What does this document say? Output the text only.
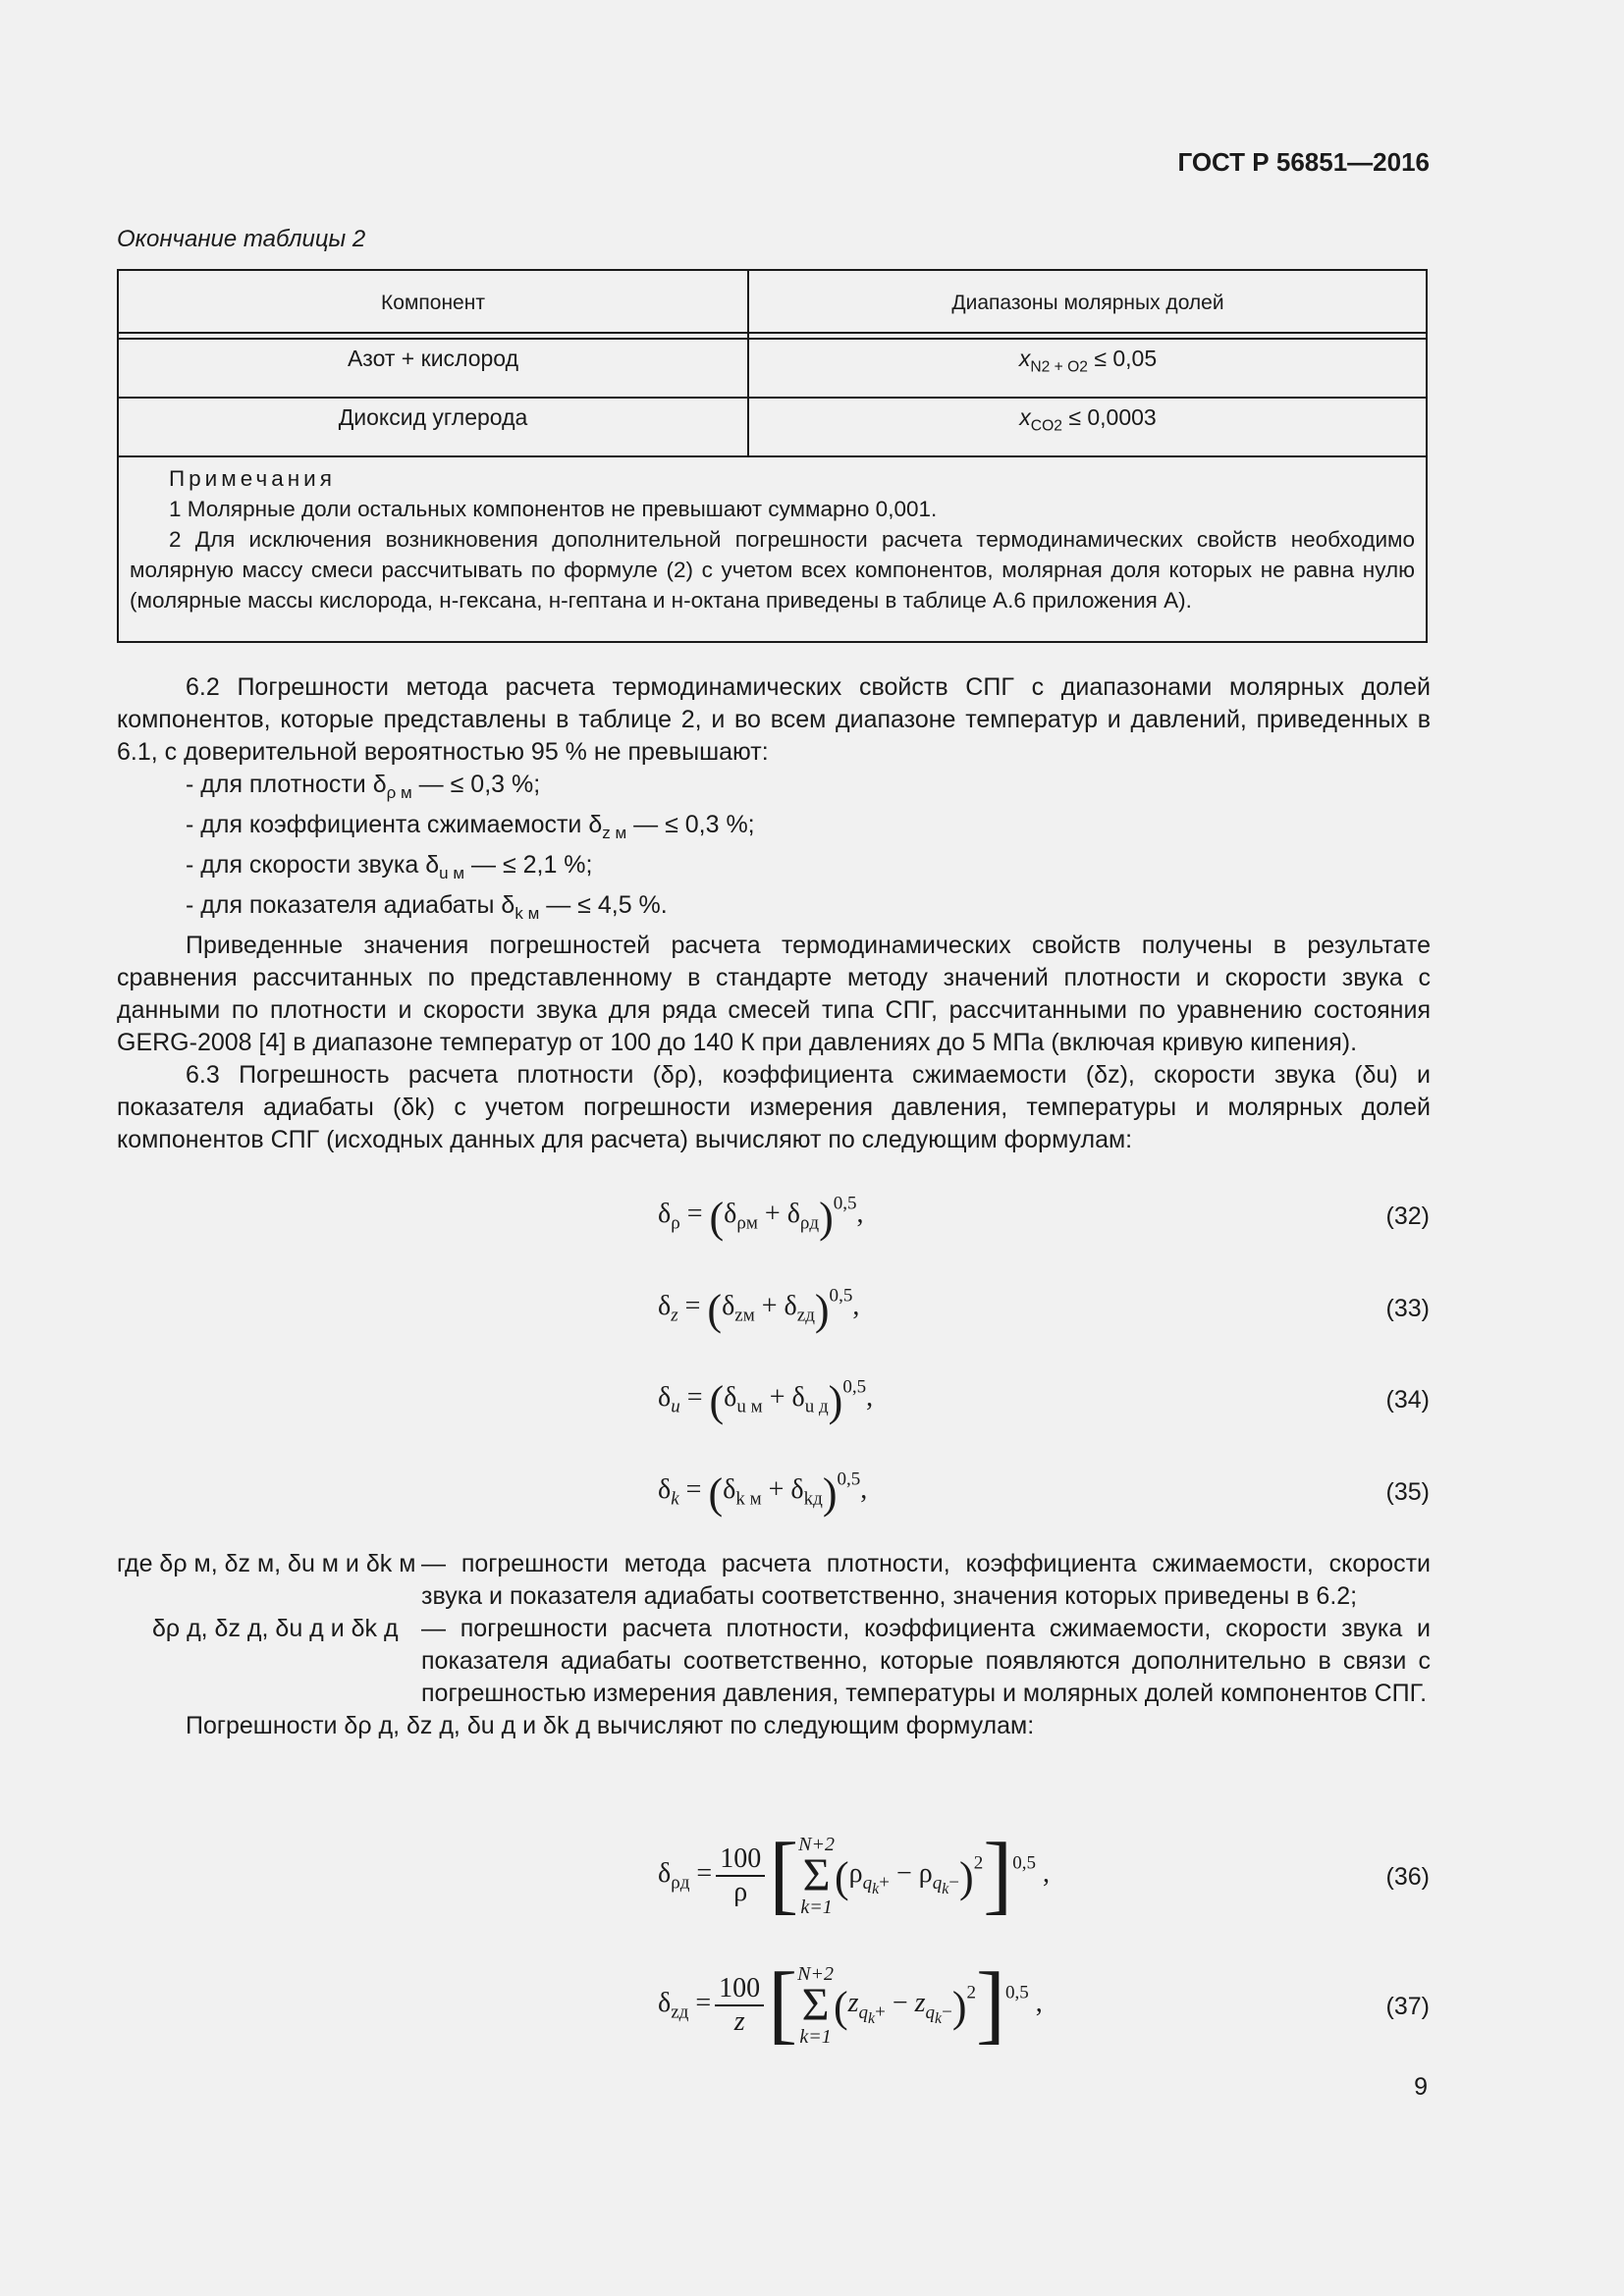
ГОСТ Р 56851—2016
Окончание таблицы 2
Компонент	Диапазоны молярных долей
Азот + кислород	$x_{N2 + O2} \le 0,05$
Диоксид углерода	$x_{CO2} \le 0,0003$

Примечания

1 Молярные доли остальных компонентов не превышают суммарно 0,001.

2 Для исключения возникновения дополнительной погрешности расчета термодинамических свойств необходимо молярную массу смеси рассчитывать по формуле (2) с учетом всех компонентов, молярная доля которых не равна нулю (молярные массы кислорода, н-гексана, н-гептана и н-октана приведены в таблице А.6 приложения А).

6.2 Погрешности метода расчета термодинамических свойств СПГ с диапазонами молярных долей компонентов, которые представлены в таблице 2, и во всем диапазоне температур и давлений, приведенных в 6.1, с доверительной вероятностью 95 % не превышают:

- для плотности $\delta_{\rho м}$ — ≤ 0,3 %;

- для коэффициента сжимаемости $\delta_{z м}$ — ≤ 0,3 %;

- для скорости звука $\delta_{u м}$ — ≤ 2,1 %;

- для показателя адиабаты $\delta_{k м}$ — ≤ 4,5 %.

Приведенные значения погрешностей расчета термодинамических свойств получены в результате сравнения рассчитанных по представленному в стандарте методу значений плотности и скорости звука с данными по плотности и скорости звука для ряда смесей типа СПГ, рассчитанными по уравнению состояния GERG-2008 [4] в диапазоне температур от 100 до 140 К при давлениях до 5 МПа (включая кривую кипения).

6.3 Погрешность расчета плотности (δρ), коэффициента сжимаемости (δz), скорости звука (δu) и показателя адиабаты (δk) с учетом погрешности измерения давления, температуры и молярных долей компонентов СПГ (исходных данных для расчета) вычисляют по следующим формулам:

$\delta_\rho = (\delta_{\rho м} + \delta_{\rho д})^{0,5}$,	(32)
$\delta_z = (\delta_{zм} + \delta_{zд})^{0,5}$,	(33)
$\delta_u = (\delta_{u м} + \delta_{u д})^{0,5}$,	(34)
$\delta_k = (\delta_{k м} + \delta_{kд})^{0,5}$,	(35)
где δρ м, δz м, δu м и δk м — погрешности метода расчета плотности, коэффициента сжимаемости, скорости звука и показателя адиабаты соответственно, значения которых приведены в 6.2;
δρ д, δz д, δu д и δk д — погрешности расчета плотности, коэффициента сжимаемости, скорости звука и показателя адиабаты соответственно, которые появляются дополнительно в связи с погрешностью измерения давления, температуры и молярных долей компонентов СПГ.

Погрешности δρ д, δz д, δu д и δk д вычисляют по следующим формулам:

$\delta_{\rho д} = \frac{100}{\rho} [N+2$
Σ
$k=1(\rho_{q_k+} - \rho_{q_k-})^2]^{0,5}$ ,	(36)
$\delta_{zд} = \frac{100}{z}[N+2$
Σ
$k=1(z_{q_k+} - z_{q_k-})^2]^{0,5}$ ,	(37)
9
